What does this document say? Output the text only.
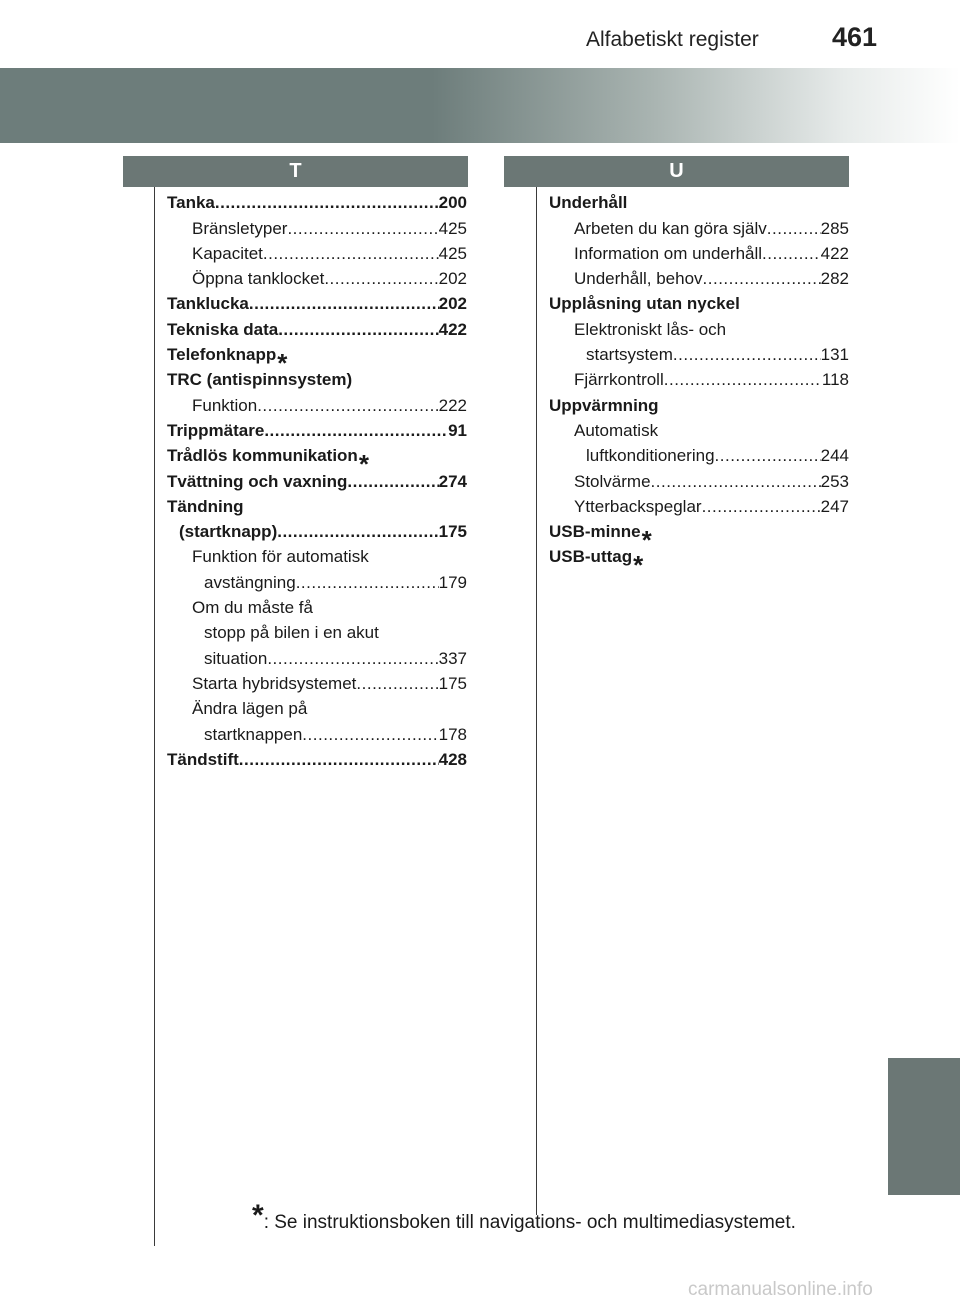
Alfabetiskt register	461
T	U
Tanka .....	200
Bränsletyper .....	425
Kapacitet .....	425
Öppna tanklocket .....	202
Tanklucka .....	202
Tekniska data .....	422
Telefonknapp *
TRC (antispinnsystem)
Funktion .....	222
Trippmätare .....	91
Trådlös kommunikation *
Tvättning och vaxning .....	274
Tändning
(startknapp) .....	175
Funktion för automatisk
avstängning .....	179
Om du måste få
stopp på bilen i en akut
situation .....	337
Starta hybridsystemet .....	175
Ändra lägen på
startknappen .....	178
Tändstift .....	428
Underhåll
Arbeten du kan göra själv .....	285
Information om underhåll .....	422
Underhåll, behov .....	282
Upplåsning utan nyckel
Elektroniskt lås- och
startsystem .....	131
Fjärrkontroll .....	118
Uppvärmning
Automatisk
luftkonditionering .....	244
Stolvärme .....	253
Ytterbackspeglar .....	247
USB-minne *
USB-uttag *
*: Se instruktionsboken till navigations- och multimediasystemet.
carmanualsonline.info
